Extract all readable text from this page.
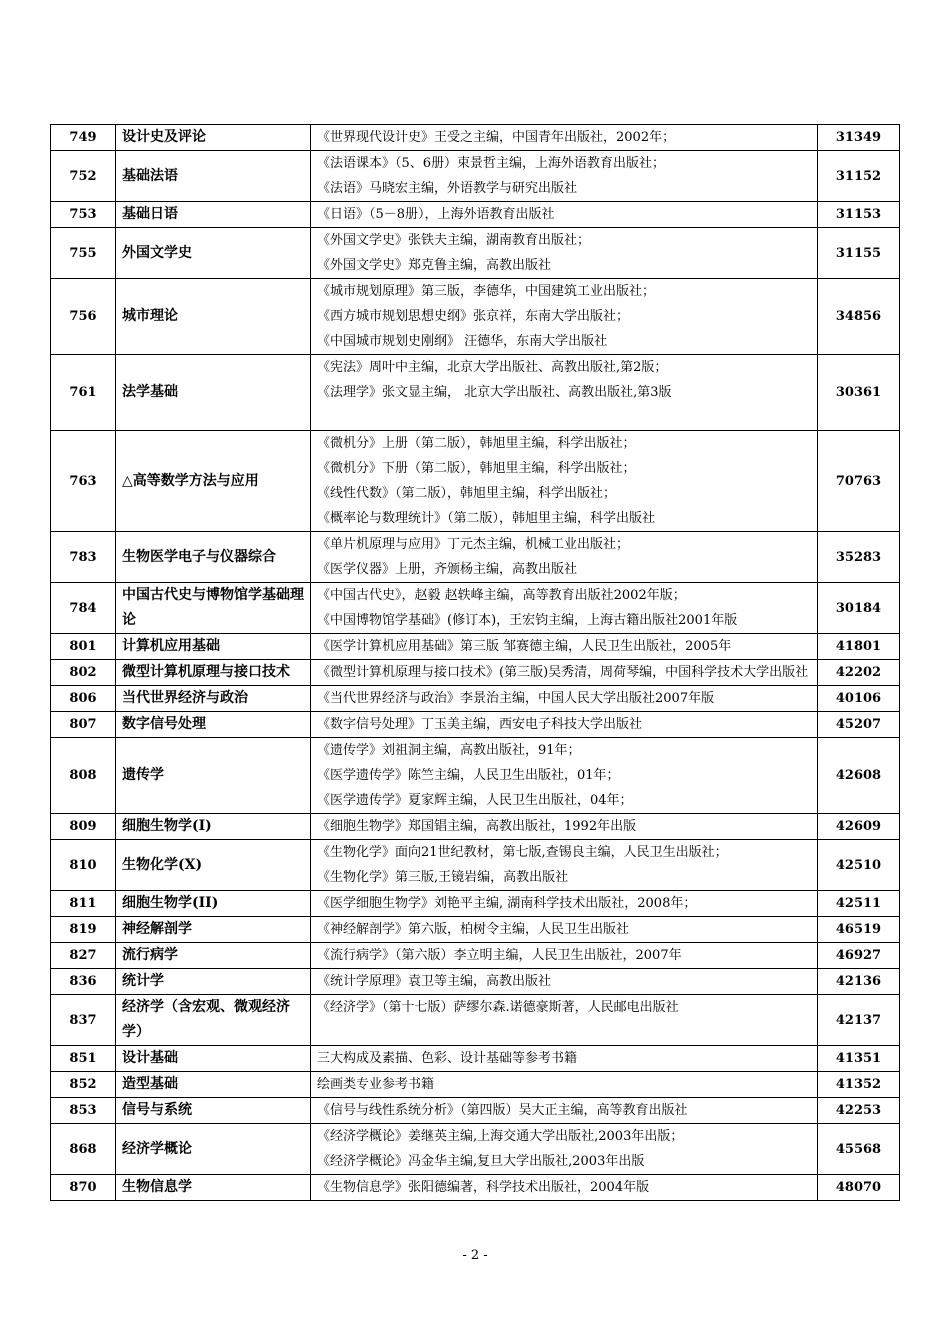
749	设计史及评论	《世界现代设计史》王受之主编，中国青年出版社，2002年；	31349
752	基础法语	《法语课本》（5、6册）束景哲主编，上海外语教育出版社；
《法语》马晓宏主编，外语教学与研究出版社	31152
753	基础日语	《日语》（5－8册），上海外语教育出版社	31153
755	外国文学史	《外国文学史》张铁夫主编，湖南教育出版社；
《外国文学史》郑克鲁主编，高教出版社	31155
756	城市理论	《城市规划原理》第三版，李德华，中国建筑工业出版社；
《西方城市规划思想史纲》张京祥，东南大学出版社；
《中国城市规划史刚纲》 汪德华，东南大学出版社	34856
761	法学基础	《宪法》周叶中主编，北京大学出版社、高教出版社,第2版；
《法理学》张文显主编， 北京大学出版社、高教出版社,第3版	30361
763	△高等数学方法与应用	《微机分》上册（第二版），韩旭里主编，科学出版社；
《微机分》下册（第二版），韩旭里主编，科学出版社；
《线性代数》（第二版），韩旭里主编，科学出版社；
《概率论与数理统计》（第二版），韩旭里主编，科学出版社	70763
783	生物医学电子与仪器综合	《单片机原理与应用》丁元杰主编，机械工业出版社；
《医学仪器》上册，齐颁杨主编，高教出版社	35283
784	中国古代史与博物馆学基础理论	《中国古代史》，赵毅 赵轶峰主编，高等教育出版社2002年版；
《中国博物馆学基础》(修订本)，王宏钧主编，上海古籍出版社2001年版	30184
801	计算机应用基础	《医学计算机应用基础》第三版 邹赛德主编，人民卫生出版社，2005年	41801
802	微型计算机原理与接口技术	《微型计算机原理与接口技术》(第三版)吴秀清，周荷琴编，中国科学技术大学出版社	42202
806	当代世界经济与政治	《当代世界经济与政治》李景治主编，中国人民大学出版社2007年版	40106
807	数字信号处理	《数字信号处理》丁玉美主编，西安电子科技大学出版社	45207
808	遗传学	《遗传学》刘祖洞主编，高教出版社，91年；
《医学遗传学》陈竺主编，人民卫生出版社，01年；
《医学遗传学》夏家辉主编，人民卫生出版社，04年；	42608
809	细胞生物学(I)	《细胞生物学》郑国锠主编，高教出版社，1992年出版	42609
810	生物化学(X)	《生物化学》面向21世纪教材，第七版,查锡良主编，人民卫生出版社；
《生物化学》第三版,王镜岩编，高教出版社	42510
811	细胞生物学(II)	《医学细胞生物学》刘艳平主编, 湖南科学技术出版社，2008年；	42511
819	神经解剖学	《神经解剖学》第六版，柏树令主编，人民卫生出版社	46519
827	流行病学	《流行病学》（第六版）李立明主编，人民卫生出版社，2007年	46927
836	统计学	《统计学原理》袁卫等主编，高教出版社	42136
837	经济学（含宏观、微观经济学）	《经济学》（第十七版）萨缪尔森.诺德豪斯著，人民邮电出版社	42137
851	设计基础	三大构成及素描、色彩、设计基础等参考书籍	41351
852	造型基础	绘画类专业参考书籍	41352
853	信号与系统	《信号与线性系统分析》（第四版）吴大正主编，高等教育出版社	42253
868	经济学概论	《经济学概论》姜继英主编,上海交通大学出版社,2003年出版；
《经济学概论》冯金华主编,复旦大学出版社,2003年出版	45568
870	生物信息学	《生物信息学》张阳德编著，科学技术出版社，2004年版	48070
- 2 -
